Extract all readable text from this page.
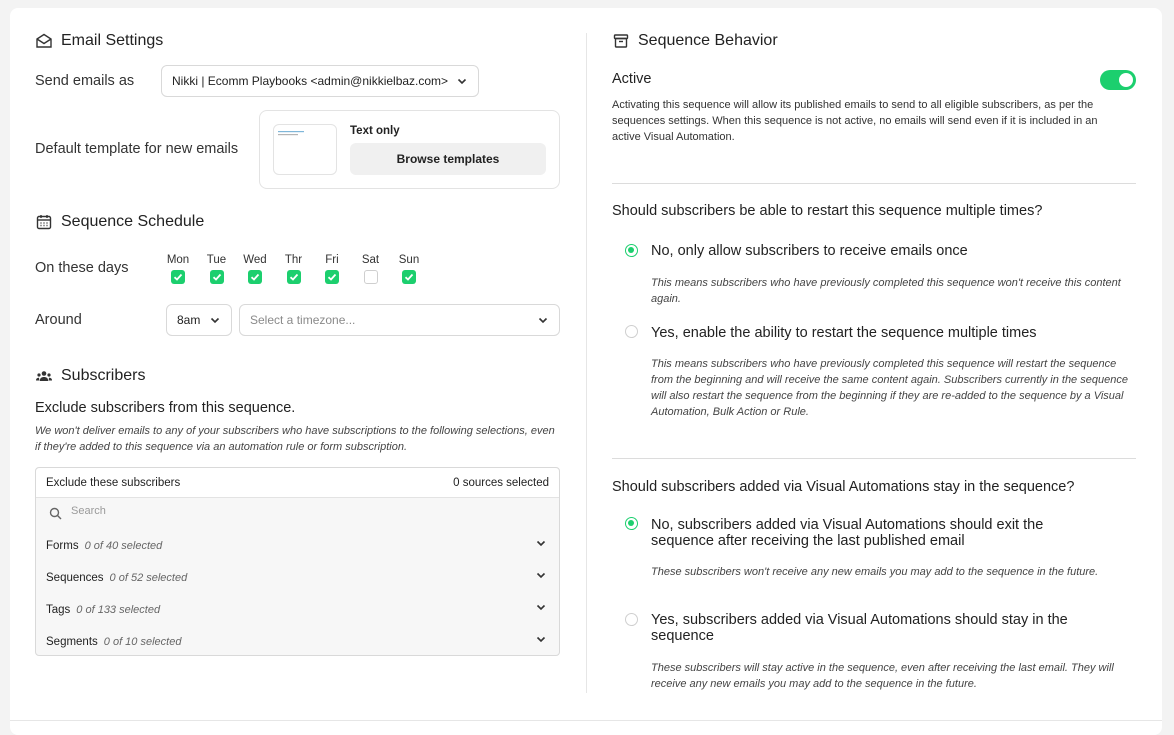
Email Settings
Send emails as	Nikki | Ecomm Playbooks <admin@nikkielbaz.com>
Default template for new emails
Text only
Browse templates
Sequence Schedule
On these days	Mon	Tue	Wed	Thr	Fri	Sat	Sun
Around	8am	Select a timezone...
Subscribers
Exclude subscribers from this sequence.
We won't deliver emails to any of your subscribers who have subscriptions to the following selections, even if they're added to this sequence via an automation rule or form subscription.
Exclude these subscribers	0 sources selected
Search
Forms 0 of 40 selected
Sequences 0 of 52 selected
Tags 0 of 133 selected
Segments 0 of 10 selected
Sequence Behavior
Active
Activating this sequence will allow its published emails to send to all eligible subscribers, as per the sequences settings. When this sequence is not active, no emails will send even if it is included in an active Visual Automation.
Should subscribers be able to restart this sequence multiple times?
No, only allow subscribers to receive emails once
This means subscribers who have previously completed this sequence won't receive this content again.
Yes, enable the ability to restart the sequence multiple times
This means subscribers who have previously completed this sequence will restart the sequence from the beginning and will receive the same content again. Subscribers currently in the sequence will also restart the sequence from the beginning if they are re-added to the sequence by a Visual Automation, Bulk Action or Rule.
Should subscribers added via Visual Automations stay in the sequence?
No, subscribers added via Visual Automations should exit the sequence after receiving the last published email
These subscribers won't receive any new emails you may add to the sequence in the future.
Yes, subscribers added via Visual Automations should stay in the sequence
These subscribers will stay active in the sequence, even after receiving the last email. They will receive any new emails you may add to the sequence in the future.
